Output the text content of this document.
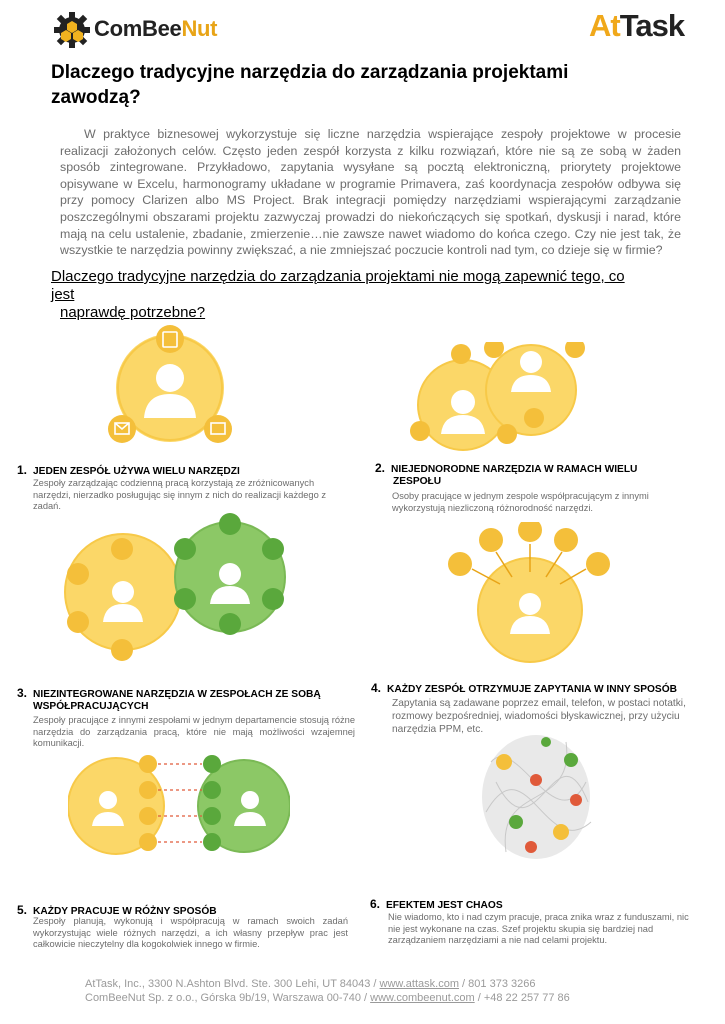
ComBeeNut	AtTask
Dlaczego tradycyjne narzędzia do zarządzania projektami zawodzą?

W praktyce biznesowej wykorzystuje się liczne narzędzia wspierające zespoły projektowe w procesie realizacji założonych celów. Często jeden zespół korzysta z kilku rozwiązań, które nie są ze sobą w żaden sposób zintegrowane. Przykładowo, zapytania wysyłane są pocztą elektroniczną, priorytety projektowe opisywane w Excelu, harmonogramy układane w programie Primavera, zaś koordynacja zespołów odbywa się przy pomocy Clarizen albo MS Project. Brak integracji pomiędzy narzędziami wspierającymi zarządzanie poszczególnymi obszarami projektu zazwyczaj prowadzi do niekończących się spotkań, dyskusji i narad, które mają na celu ustalenie, zbadanie, zmierzenie…nie zawsze nawet wiadomo do końca czego. Czy nie jest tak, że wszystkie te narzędzia powinny zwiększać, a nie zmniejszać poczucie kontroli nad tym, co dzieje się w firmie?

Dlaczego tradycyjne narzędzia do zarządzania projektami nie mogą zapewnić tego, co jest
naprawdę potrzebne?

1. JEDEN ZESPÓŁ UŻYWA WIELU NARZĘDZI

Zespoły zarządzając codzienną pracą korzystają ze zróżnicowanych narzędzi, nierzadko posługując się innym z nich do realizacji każdego z zadań.

2. NIEJEDNORODNE NARZĘDZIA W RAMACH WIELU

ZESPOŁU

Osoby pracujące w jednym zespole współpracującym z innymi wykorzystują niezliczoną różnorodność narzędzi.

3. NIEZINTEGROWANE NARZĘDZIA W ZESPOŁACH ZE SOBĄ

WSPÓŁPRACUJĄCYCH

Zespoły pracujące z innymi zespołami w jednym departamencie stosują różne narzędzia do zarządzania pracą, które nie mają możliwości wzajemnej komunikacji.

4. KAŻDY ZESPÓŁ OTRZYMUJE ZAPYTANIA W INNY SPOSÓB

Zapytania są zadawane poprzez email, telefon, w postaci notatki, rozmowy bezpośredniej, wiadomości błyskawicznej, przy użyciu narzędzia PPM, etc.

5. KAŻDY PRACUJE W RÓŻNY SPOSÓB

Zespoły planują, wykonują i współpracują w ramach swoich zadań wykorzystując wiele różnych narzędzi, a ich własny przepływ prac jest całkowicie nieczytelny dla kogokolwiek innego w firmie.

6. EFEKTEM JEST CHAOS

Nie wiadomo, kto i nad czym pracuje, praca znika wraz z funduszami, nic nie jest wykonane na czas. Szef projektu skupia się bardziej nad zarządzaniem narzędziami a nie nad celami projektu.

AtTask, Inc., 3300 N.Ashton Blvd. Ste. 300 Lehi, UT 84043 / www.attask.com / 801 373 3266
ComBeeNut Sp. z o.o., Górska 9b/19, Warszawa 00-740 / www.combeenut.com / +48 22 257 77 86
